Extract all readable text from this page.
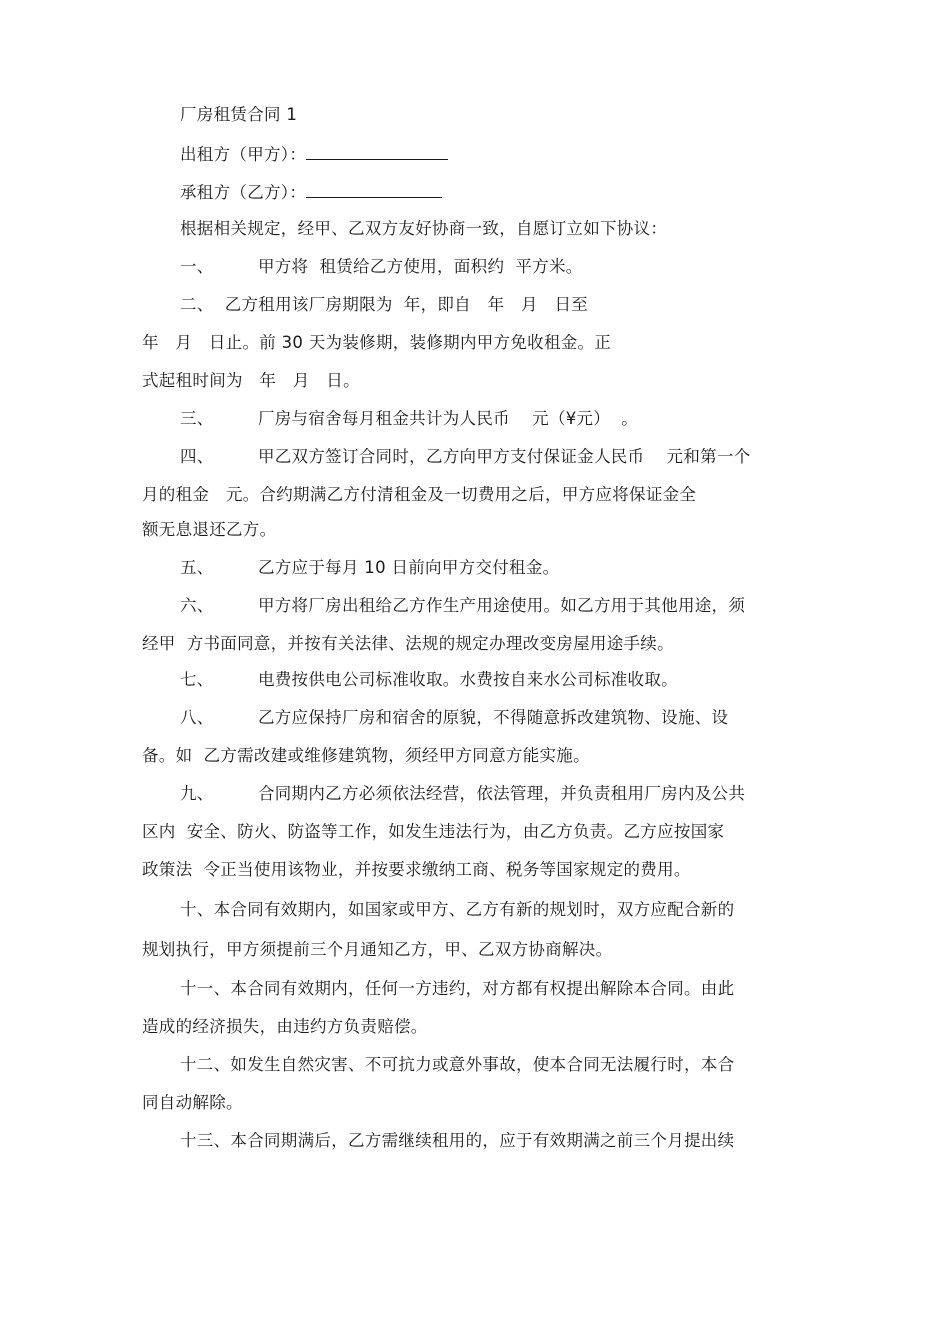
厂房租赁合同 1
出租方（甲方）：
承租方（乙方）：
根据相关规定，经甲、乙双方友好协商一致，自愿订立如下协议：
一、        甲方将  租赁给乙方使用，面积约  平方米。
二、  乙方租用该厂房期限为  年，即自   年   月   日至
年   月   日止。前 30 天为装修期，装修期内甲方免收租金。正
式起租时间为   年   月   日。
三、        厂房与宿舍每月租金共计为人民币    元（¥元）  。
四、        甲乙双方签订合同时，乙方向甲方支付保证金人民币    元和第一个
月的租金   元。合约期满乙方付清租金及一切费用之后，甲方应将保证金全
额无息退还乙方。
五、        乙方应于每月 10 日前向甲方交付租金。
六、        甲方将厂房出租给乙方作生产用途使用。如乙方用于其他用途，须
经甲  方书面同意，并按有关法律、法规的规定办理改变房屋用途手续。
七、        电费按供电公司标准收取。水费按自来水公司标准收取。
八、        乙方应保持厂房和宿舍的原貌，不得随意拆改建筑物、设施、设
备。如  乙方需改建或维修建筑物，须经甲方同意方能实施。
九、        合同期内乙方必须依法经营，依法管理，并负责租用厂房内及公共
区内  安全、防火、防盗等工作，如发生违法行为，由乙方负责。乙方应按国家
政策法  令正当使用该物业，并按要求缴纳工商、税务等国家规定的费用。
十、本合同有效期内，如国家或甲方、乙方有新的规划时，双方应配合新的
规划执行，甲方须提前三个月通知乙方，甲、乙双方协商解决。
十一、本合同有效期内，任何一方违约，对方都有权提出解除本合同。由此
造成的经济损失，由违约方负责赔偿。
十二、如发生自然灾害、不可抗力或意外事故，使本合同无法履行时，本合
同自动解除。
十三、本合同期满后，乙方需继续租用的，应于有效期满之前三个月提出续
